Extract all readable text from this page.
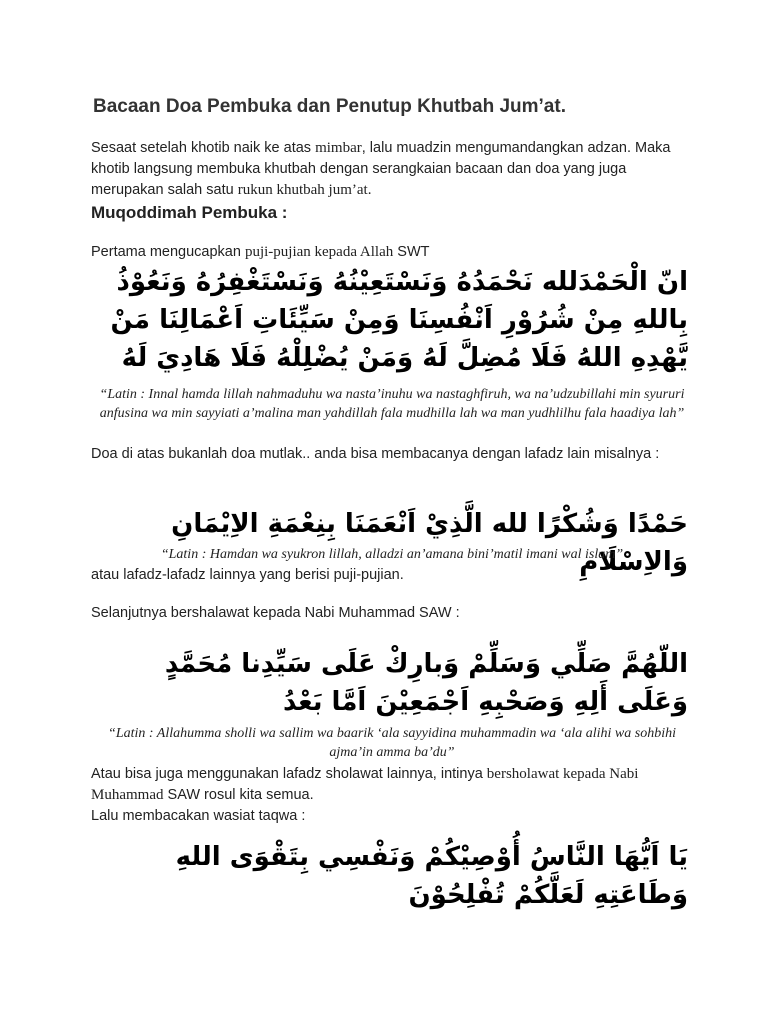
Bacaan Doa Pembuka dan Penutup Khutbah Jum’at.

Sesaat setelah khotib naik ke atas mimbar, lalu muadzin mengumandangkan adzan. Maka khotib langsung membuka khutbah dengan serangkaian bacaan dan doa yang juga merupakan salah satu rukun khutbah jum’at.

Muqoddimah Pembuka :

Pertama mengucapkan puji-pujian kepada Allah SWT

انّ الْحَمْدَلله نَحْمَدُهُ وَنَسْتَعِيْنُهُ وَنَسْتَغْفِرُهُ وَنَعُوْذُ بِاللهِ مِنْ شُرُوْرِ اَنْفُسِنَا وَمِنْ سَيِّئَاتِ اَعْمَالِنَا مَنْ يَّهْدِهِ اللهُ فَلَا مُضِلَّ لَهُ وَمَنْ يُضْلِلْهُ فَلَا هَادِيَ لَهُ

“Latin : Innal hamda lillah nahmaduhu wa nasta’inuhu wa nastaghfiruh, wa na’udzubillahi min syururi anfusina wa min sayyiati a’malina man yahdillah fala mudhilla lah wa man yudhlilhu fala haadiya lah”

Doa di atas bukanlah doa mutlak.. anda bisa membacanya dengan lafadz lain misalnya :

حَمْدًا وَشُكْرًا لله الَّذِيْ اَنْعَمَنَا بِنِعْمَةِ الاِيْمَانِ وَالاِسْلَامِ

“Latin : Hamdan wa syukron lillah, alladzi an’amana bini’matil imani wal islam”

atau lafadz-lafadz lainnya yang berisi puji-pujian.

Selanjutnya bershalawat kepada Nabi Muhammad SAW :

اللّهُمَّ صَلِّي وَسَلِّمْ وَبارِكْ عَلَى سَيِّدِنا مُحَمَّدٍ وَعَلَى أَلِهِ وَصَحْبِهِ اَجْمَعِيْنَ اَمَّا بَعْدُ

“Latin : Allahumma sholli wa sallim wa baarik ‘ala sayyidina muhammadin wa ‘ala alihi wa sohbihi ajma’in amma ba’du”

Atau bisa juga menggunakan lafadz sholawat lainnya, intinya bersholawat kepada Nabi Muhammad SAW rosul kita semua.

Lalu membacakan wasiat taqwa :

يَا اَيُّهَا النَّاسُ أُوْصِيْكُمْ وَنَفْسِي بِتَقْوَى اللهِ وَطَاعَتِهِ لَعَلَّكُمْ تُفْلِحُوْنَ
